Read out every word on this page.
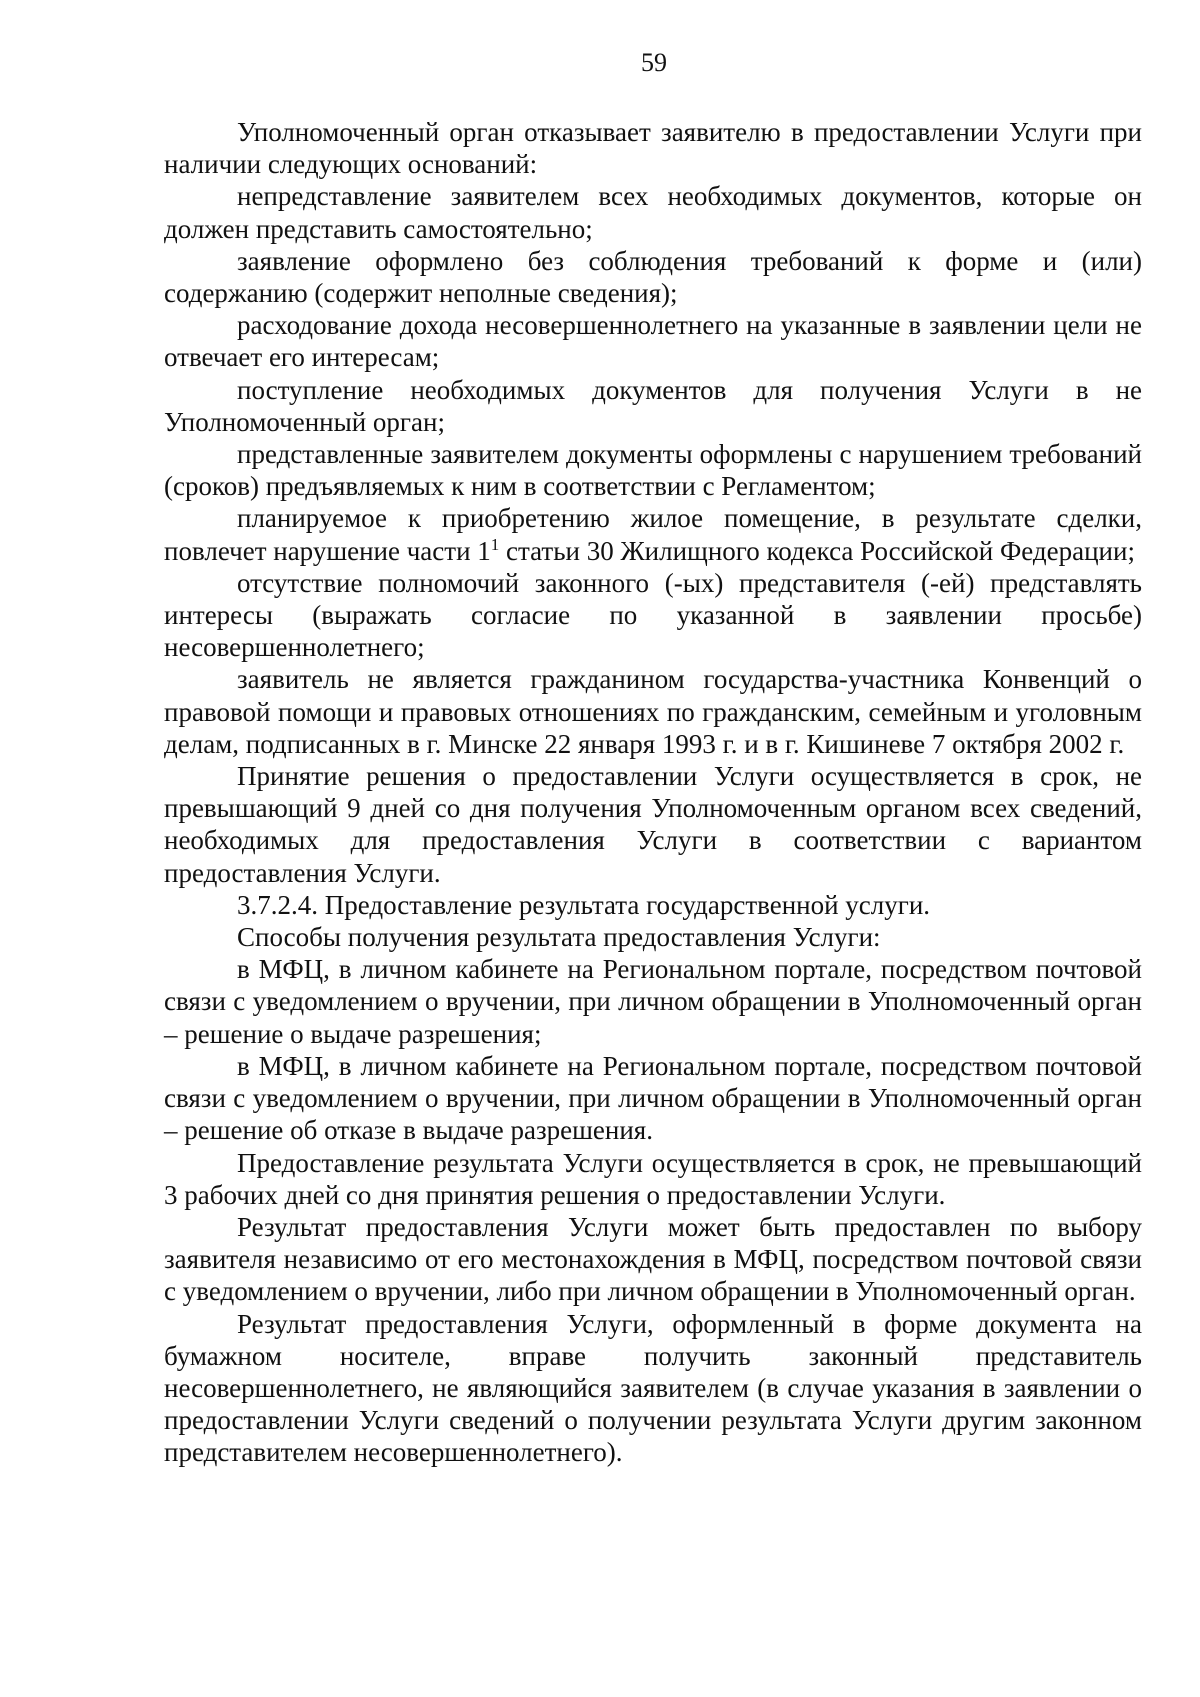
59

Уполномоченный орган отказывает заявителю в предоставлении Услуги при наличии следующих оснований:

непредставление заявителем всех необходимых документов, которые он должен представить самостоятельно;

заявление оформлено без соблюдения требований к форме и (или) содержанию (содержит неполные сведения);

расходование дохода несовершеннолетнего на указанные в заявлении цели не отвечает его интересам;

поступление необходимых документов для получения Услуги в не Уполномоченный орган;

представленные заявителем документы оформлены с нарушением требований (сроков) предъявляемых к ним в соответствии с Регламентом;

планируемое к приобретению жилое помещение, в результате сделки, повлечет нарушение части $1^1$ статьи 30 Жилищного кодекса Российской Федерации;

отсутствие полномочий законного (-ых) представителя (-ей) представлять интересы (выражать согласие по указанной в заявлении просьбе) несовершеннолетнего;

заявитель не является гражданином государства-участника Конвенций о правовой помощи и правовых отношениях по гражданским, семейным и уголовным делам, подписанных в г. Минске 22 января 1993 г. и в г. Кишиневе 7 октября 2002 г.

Принятие решения о предоставлении Услуги осуществляется в срок, не превышающий 9 дней со дня получения Уполномоченным органом всех сведений, необходимых для предоставления Услуги в соответствии с вариантом предоставления Услуги.

3.7.2.4. Предоставление результата государственной услуги.

Способы получения результата предоставления Услуги:

в МФЦ, в личном кабинете на Региональном портале, посредством почтовой связи с уведомлением о вручении, при личном обращении в Уполномоченный орган – решение о выдаче разрешения;

в МФЦ, в личном кабинете на Региональном портале, посредством почтовой связи с уведомлением о вручении, при личном обращении в Уполномоченный орган – решение об отказе в выдаче разрешения.

Предоставление результата Услуги осуществляется в срок, не превышающий 3 рабочих дней со дня принятия решения о предоставлении Услуги.

Результат предоставления Услуги может быть предоставлен по выбору заявителя независимо от его местонахождения в МФЦ, посредством почтовой связи с уведомлением о вручении, либо при личном обращении в Уполномоченный орган.

Результат предоставления Услуги, оформленный в форме документа на бумажном носителе, вправе получить законный представитель несовершеннолетнего, не являющийся заявителем (в случае указания в заявлении о предоставлении Услуги сведений о получении результата Услуги другим законном представителем несовершеннолетнего).
